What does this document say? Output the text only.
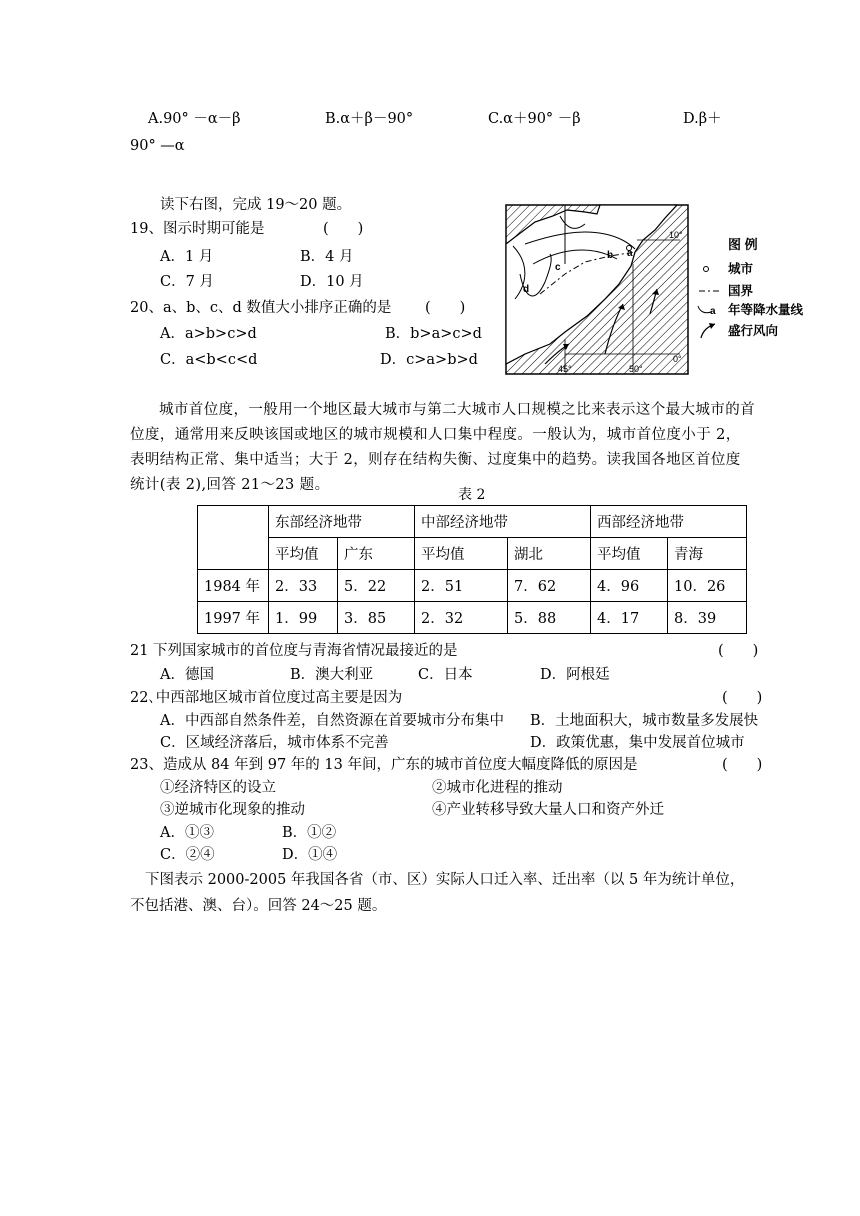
A.90° －α－β	B.α＋β－90°	C.α＋90° －β	D.β＋
90° —α
读下右图，完成 19～20 题。
19、图示时期可能是	(　　)
A．1 月	B．4 月
C．7 月	D．10 月
20、a、b、c、d 数值大小排序正确的是 (　　)
A．a>b>c>d	B．b>a>c>d
C．a<b<c<d	D．c>a>b>d
a
b
c
d
10°
0°
45°	50°
图 例
城市
国界
a 年等降水量线
盛行风向
城市首位度，一般用一个地区最大城市与第二大城市人口规模之比来表示这个最大城市的首位度，通常用来反映该国或地区的城市规模和人口集中程度。一般认为，城市首位度小于 2，表明结构正常、集中适当；大于 2，则存在结构失衡、过度集中的趋势。读我国各地区首位度统计(表 2),回答 21～23 题。
表 2
	东部经济地带		中部经济地带		西部经济地带	
	平均值	广东	平均值	湖北	平均值	青海
1984 年	2．33	5．22	2．51	7．62	4．96	10．26
1997 年	1．99	3．85	2．32	5．88	4．17	8．39
21 下列国家城市的首位度与青海省情况最接近的是	(　　)
A．德国	B．澳大利亚	C．日本	D．阿根廷
22､中西部地区城市首位度过高主要是因为	(　　)
A．中西部自然条件差，自然资源在首要城市分布集中 B．土地面积大，城市数量多发展快
C．区域经济落后，城市体系不完善	D．政策优惠，集中发展首位城市
23、造成从 84 年到 97 年的 13 年间，广东的城市首位度大幅度降低的原因是	(　　)
①经济特区的设立	②城市化进程的推动
③逆城市化现象的推动	④产业转移导致大量人口和资产外迁
A．①③	B．①②
C．②④	D．①④
下图表示 2000-2005 年我国各省（市、区）实际人口迁入率、迁出率（以 5 年为统计单位，
不包括港、澳、台）。回答 24～25 题。
